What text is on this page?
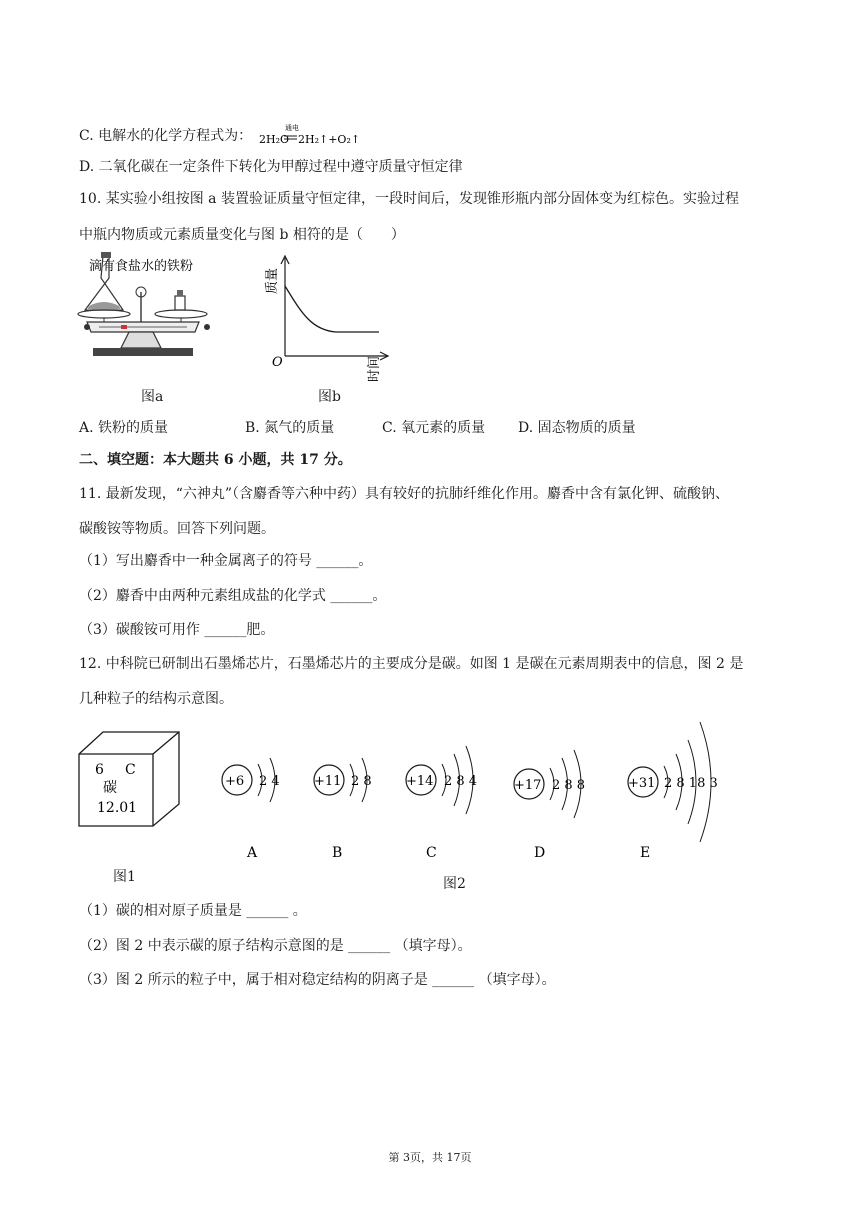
C. 电解水的化学方程式为： 2H₂O
通电
2H₂↑+O₂↑
D. 二氧化碳在一定条件下转化为甲醇过程中遵守质量守恒定律
10. 某实验小组按图 a 装置验证质量守恒定律，一段时间后，发现锥形瓶内部分固体变为红棕色。实验过程
中瓶内物质或元素质量变化与图 b 相符的是（　　）
滴有食盐水的铁粉
图a
质量
O	时间
图b
A. 铁粉的质量	B. 氮气的质量	C. 氧元素的质量 D. 固态物质的质量
二、填空题：本大题共 6 小题，共 17 分。
11. 最新发现，“六神丸”（含麝香等六种中药）具有较好的抗肺纤维化作用。麝香中含有氯化钾、硫酸钠、
碳酸铵等物质。回答下列问题。
（1）写出麝香中一种金属离子的符号 ______。
（2）麝香中由两种元素组成盐的化学式 ______。
（3）碳酸铵可用作 ______肥。
12. 中科院已研制出石墨烯芯片，石墨烯芯片的主要成分是碳。如图 1 是碳在元素周期表中的信息，图 2 是
几种粒子的结构示意图。
6 C
碳
12.01
图1
+6 2 4
A
+11 2 8
B
+14 2 8 4
C
+17 2 8 8
D
+31 2 8 18 3
E
图2
（1）碳的相对原子质量是 ______ 。
（2）图 2 中表示碳的原子结构示意图的是 ______ （填字母）。
（3）图 2 所示的粒子中，属于相对稳定结构的阴离子是 ______ （填字母）。
第 3页，共 17页
